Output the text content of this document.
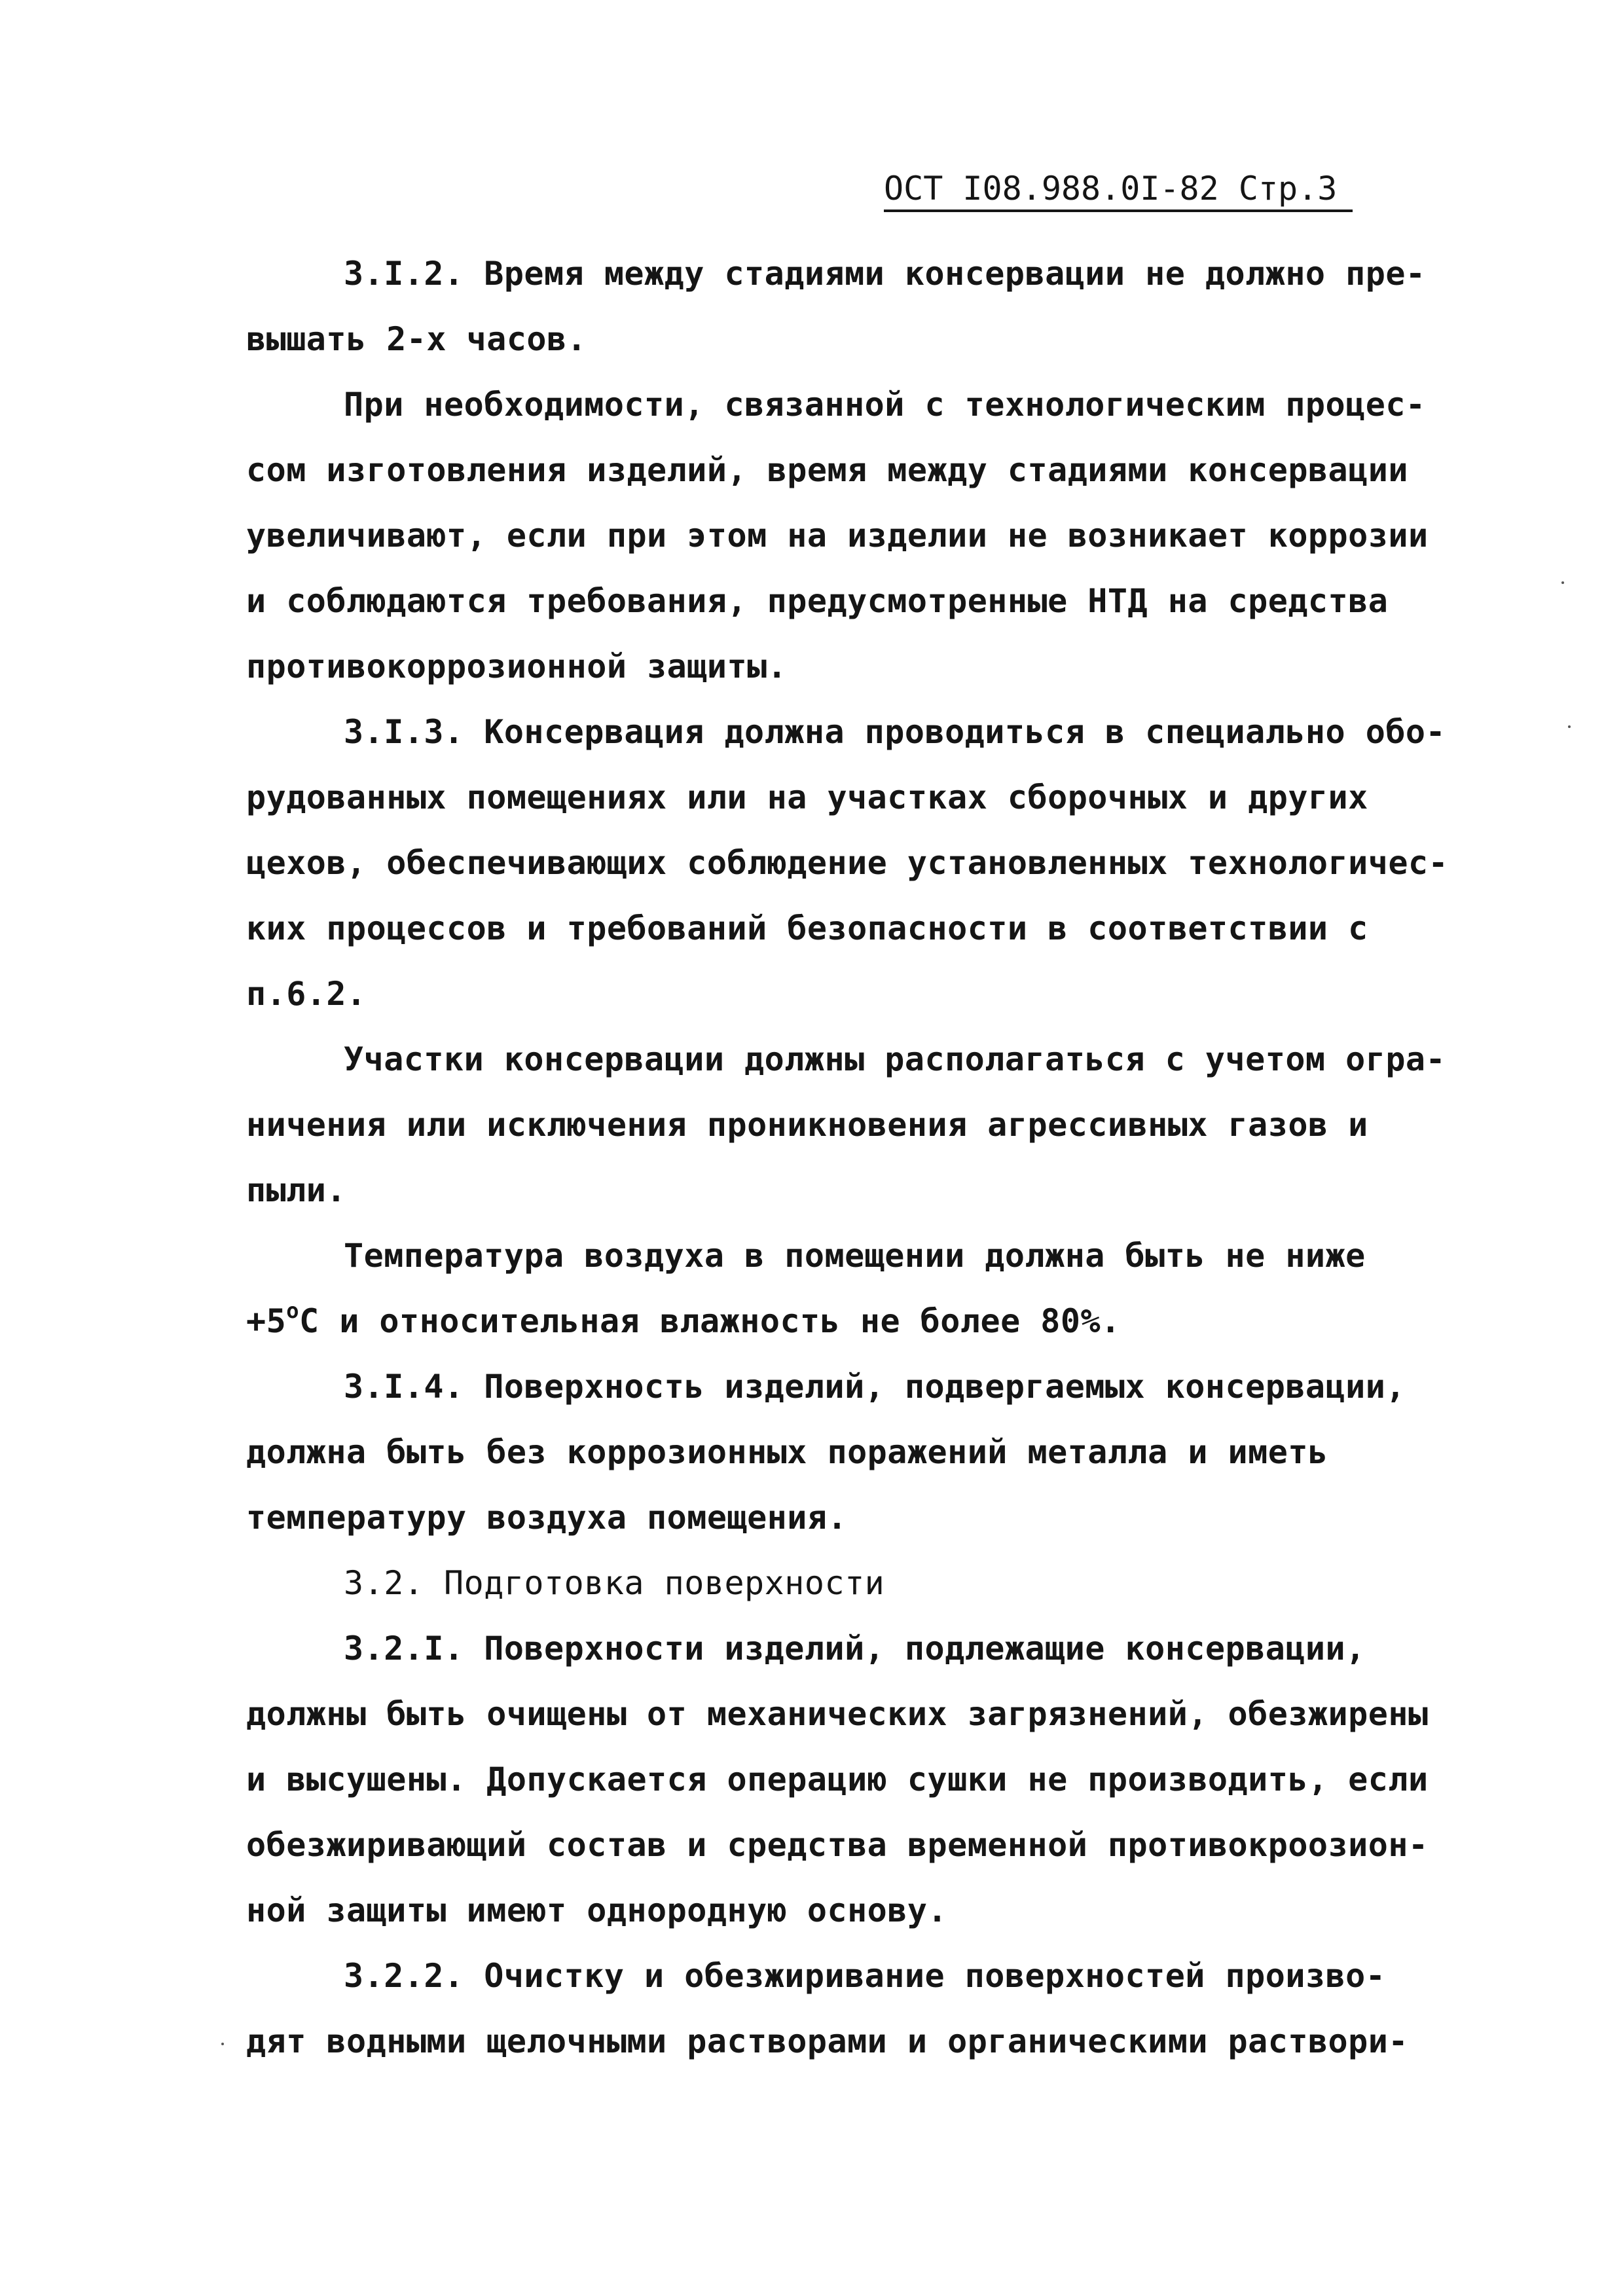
ОСТ I08.988.0I-82 Стр.3
3.I.2. Время между стадиями консервации не должно пре-
вышать 2-х часов.
При необходимости, связанной с технологическим процес-
сом изготовления изделий, время между стадиями консервации
увеличивают, если при этом на изделии не возникает коррозии
и соблюдаются требования, предусмотренные НТД на средства
противокоррозионной защиты.
3.I.3. Консервация должна проводиться в специально обо-
рудованных помещениях или на участках сборочных и других
цехов, обеспечивающих соблюдение установленных технологичес-
ких процессов и требований безопасности в соответствии с
п.6.2.
Участки консервации должны располагаться с учетом огра-
ничения или исключения проникновения агрессивных газов и
пыли.
Температура воздуха в помещении должна быть не ниже
$+5^оС$ и относительная влажность не более 80%.
3.I.4. Поверхность изделий, подвергаемых консервации,
должна быть без коррозионных поражений металла и иметь
температуру воздуха помещения.
3.2. Подготовка поверхности
3.2.I. Поверхности изделий, подлежащие консервации,
должны быть очищены от механических загрязнений, обезжирены
и высушены. Допускается операцию сушки не производить, если
обезжиривающий состав и средства временной противокроозион-
ной защиты имеют однородную основу.
3.2.2. Очистку и обезжиривание поверхностей произво-
дят водными щелочными растворами и органическими раствори-
